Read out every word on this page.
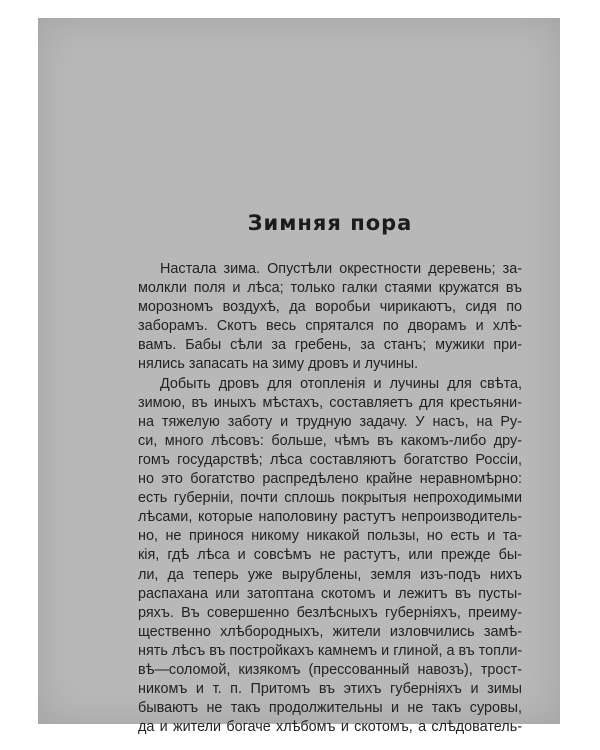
Зимняя пора

Настала зима. Опустѣли окрестности деревень; за-
молкли поля и лѣса; только галки стаями кружатся въ
морозномъ воздухѣ, да воробьи чирикаютъ, сидя по
заборамъ. Скотъ весь спрятался по дворамъ и хлѣ-
вамъ. Бабы сѣли за гребень, за станъ; мужики при-
нялись запасать на зиму дровъ и лучины.

Добыть дровъ для отопленія и лучины для свѣта,
зимою, въ иныхъ мѣстахъ, составляетъ для крестьяни-
на тяжелую заботу и трудную задачу. У насъ, на Ру-
си, много лѣсовъ: больше, чѣмъ въ какомъ-либо дру-
гомъ государствѣ; лѣса составляютъ богатство Россіи,
но это богатство распредѣлено крайне неравномѣрно:
есть губерніи, почти сплошь покрытыя непроходимыми
лѣсами, которые наполовину растутъ непроизводитель-
но, не принося никому никакой пользы, но есть и та-
кія, гдѣ лѣса и совсѣмъ не растутъ, или прежде бы-
ли, да теперь уже вырублены, земля изъ-подъ нихъ
распахана или затоптана скотомъ и лежитъ въ пусты-
ряхъ. Въ совершенно безлѣсныхъ губерніяхъ, преиму-
щественно хлѣбородныхъ, жители изловчились замѣ-
нять лѣсъ въ постройкахъ камнемъ и глиной, а въ топли-
вѣ—соломой, кизякомъ (прессованный навозъ), трост-
никомъ и т. п. Притомъ въ этихъ губерніяхъ и зимы
бываютъ не такъ продолжительны и не такъ суровы,
да и жители богаче хлѣбомъ и скотомъ, а слѣдователь-
